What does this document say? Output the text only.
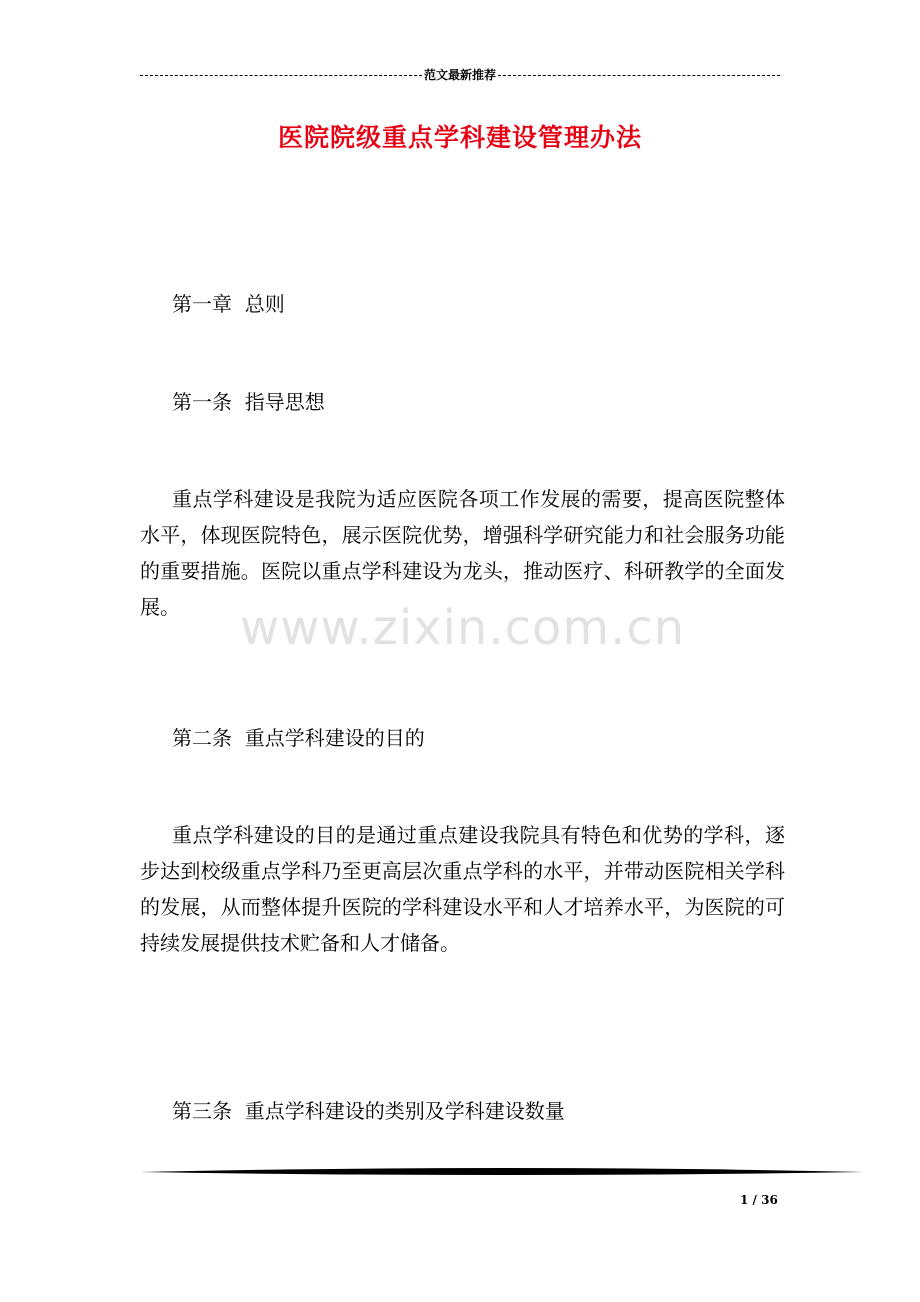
范文最新推荐
医院院级重点学科建设管理办法
第一章  总则
第一条  指导思想
重点学科建设是我院为适应医院各项工作发展的需要，提高医院整体水平，体现医院特色，展示医院优势，增强科学研究能力和社会服务功能的重要措施。医院以重点学科建设为龙头，推动医疗、科研教学的全面发展。
第二条  重点学科建设的目的
重点学科建设的目的是通过重点建设我院具有特色和优势的学科，逐步达到校级重点学科乃至更高层次重点学科的水平，并带动医院相关学科的发展，从而整体提升医院的学科建设水平和人才培养水平，为医院的可持续发展提供技术贮备和人才储备。
第三条  重点学科建设的类别及学科建设数量
www.zixin.com.cn
1 / 36
